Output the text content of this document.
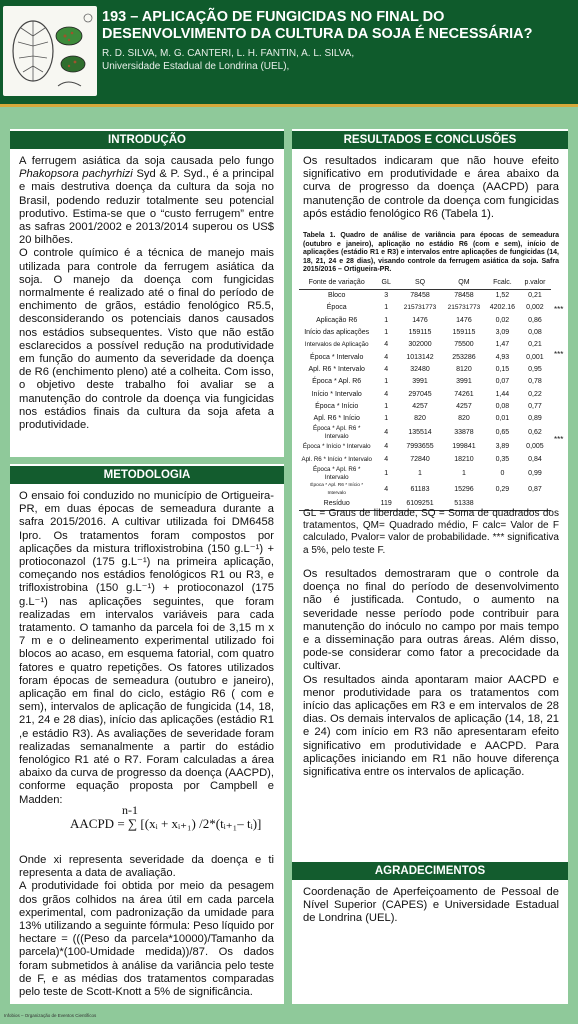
193 – APLICAÇÃO DE FUNGICIDAS NO FINAL DO DESENVOLVIMENTO DA CULTURA DA SOJA É NECESSÁRIA?
R. D. SILVA, M. G. CANTERI, L. H. FANTIN, A. L. SILVA,
Universidade Estadual de Londrina (UEL),
INTRODUÇÃO

A ferrugem asiática da soja causada pelo fungo Phakopsora pachyrhizi Syd & P. Syd., é a principal e mais destrutiva doença da cultura da soja no Brasil, podendo reduzir totalmente seu potencial produtivo. Estima-se que o “custo ferrugem” entre as safras 2001/2002 e 2013/2014 superou os US$ 20 bilhões.

O controle químico é a técnica de manejo mais utilizada para controle da ferrugem asiática da soja. O manejo da doença com fungicidas normalmente é realizado até o final do período de enchimento de grãos, estádio fenológico R5.5, desconsiderando os potenciais danos causados nos estádios subsequentes. Visto que não estão esclarecidos a possível redução na produtividade em função do aumento da severidade da doença de R6 (enchimento pleno) até a colheita. Com isso, o objetivo deste trabalho foi avaliar se a manutenção do controle da doença via fungicidas nos estádios finais da cultura da soja afeta a produtividade.

METODOLOGIA
O ensaio foi conduzido no município de Ortigueira-PR, em duas épocas de semeadura durante a safra 2015/2016. A cultivar utilizada foi DM6458 Ipro. Os tratamentos foram compostos por aplicações da mistura trifloxistrobina (150 g.L⁻¹) + protioconazol (175 g.L⁻¹) na primeira aplicação, começando nos estádios fenológicos R1 ou R3, e trifloxistrobina (150 g.L⁻¹) + protioconazol (175 g.L⁻¹) nas aplicações seguintes, que foram realizadas em intervalos variáveis para cada tratamento. O tamanho da parcela foi de 3,15 m x 7 m e o delineamento experimental utilizado foi blocos ao acaso, em esquema fatorial, com quatro fatores e quatro repetições. Os fatores utilizados foram épocas de semeadura (outubro e janeiro), aplicação em final do ciclo, estágio R6 ( com e sem), intervalos de aplicação de fungicida (14, 18, 21, 24 e 28 dias), início das aplicações (estádio R1 ,e estádio R3). As avaliações de severidade foram realizadas semanalmente a partir do estádio fenológico R1 até o R7. Foram calculadas a área abaixo da curva de progresso da doença (AACPD), conforme equação proposta por Campbell e Madden:
n-1
AACPD = ∑ [(xᵢ + xᵢ₊₁) /2*(tᵢ₊₁– tᵢ)]

Onde xi representa severidade da doença e ti representa a data de avaliação.

A produtividade foi obtida por meio da pesagem dos grãos colhidos na área útil em cada parcela experimental, com padronização da umidade para 13% utilizando a seguinte fórmula: Peso líquido por hectare = (((Peso da parcela*10000)/Tamanho da parcela)*(100-Umidade medida))/87. Os dados foram submetidos à análise da variância pelo teste de F, e as médias dos tratamentos comparadas pelo teste de Scott-Knott a 5% de significância.

RESULTADOS E CONCLUSÕES
Os resultados indicaram que não houve efeito significativo em produtividade e área abaixo da curva de progresso da doença (AACPD) para manutenção de controle da doença com fungicidas após estádio fenológico R6 (Tabela 1).
Tabela 1. Quadro de análise de variância para épocas de semeadura (outubro e janeiro), aplicação no estádio R6 (com e sem), início de aplicações (estádio R1 e R3) e intervalos entre aplicações de fungicidas (14, 18, 21, 24 e 28 dias), visando controle da ferrugem asiática da soja. Safra 2015/2016 – Ortigueira-PR.
Fonte de variação	GL	SQ	QM	Fcalc.	p.valor
Bloco	3	78458	78458	1,52	0,21
Época	1	215731773	215731773	4202.16	0,002
Aplicação R6	1	1476	1476	0,02	0,86
Início das aplicações	1	159115	159115	3,09	0,08
Intervalos de Aplicação	4	302000	75500	1,47	0,21
Época * Intervalo	4	1013142	253286	4,93	0,001
Apl. R6 * Intervalo	4	32480	8120	0,15	0,95
Época * Apl. R6	1	3991	3991	0,07	0,78
Início * Intervalo	4	297045	74261	1,44	0,22
Época * Início	1	4257	4257	0,08	0,77
Apl. R6 * Início	1	820	820	0,01	0,89
Época * Apl. R6 * Intervalo	4	135514	33878	0,65	0,62
Época * Início * Intervalo	4	7993655	199841	3,89	0,005
Apl. R6 * Início * Intervalo	4	72840	18210	0,35	0,84
Época * Apl. R6 * Intervalo	1	1	1	0	0,99
Época * Apl. R6 * Início * Intervalo	4	61183	15296	0,29	0,87
Resíduo	119	6109251	51338		
***
***
***
GL = Graus de liberdade, SQ = Soma de quadrados dos tratamentos, QM= Quadrado médio, F calc= Valor de F calculado, Pvalor= valor de probabilidade. *** significativa a 5%, pelo teste F.

Os resultados demostraram que o controle da doença no final do período de desenvolvimento não é justificada. Contudo, o aumento na severidade nesse período pode contribuir para manutenção do inóculo no campo por mais tempo e a disseminação para outras áreas. Além disso, pode-se considerar como fator a precocidade da cultivar.

Os resultados ainda apontaram maior AACPD e menor produtividade para os tratamentos com início das aplicações em R3 e em intervalos de 28 dias. Os demais intervalos de aplicação (14, 18, 21 e 24) com início em R3 não apresentaram efeito significativo em produtividade e AACPD. Para aplicações iniciando em R1 não houve diferença significativa entre os intervalos de aplicação.

AGRADECIMENTOS
Coordenação de Aperfeiçoamento de Pessoal de Nível Superior (CAPES) e Universidade Estadual de Londrina (UEL).
Infobios – Organização de Eventos Científicos
